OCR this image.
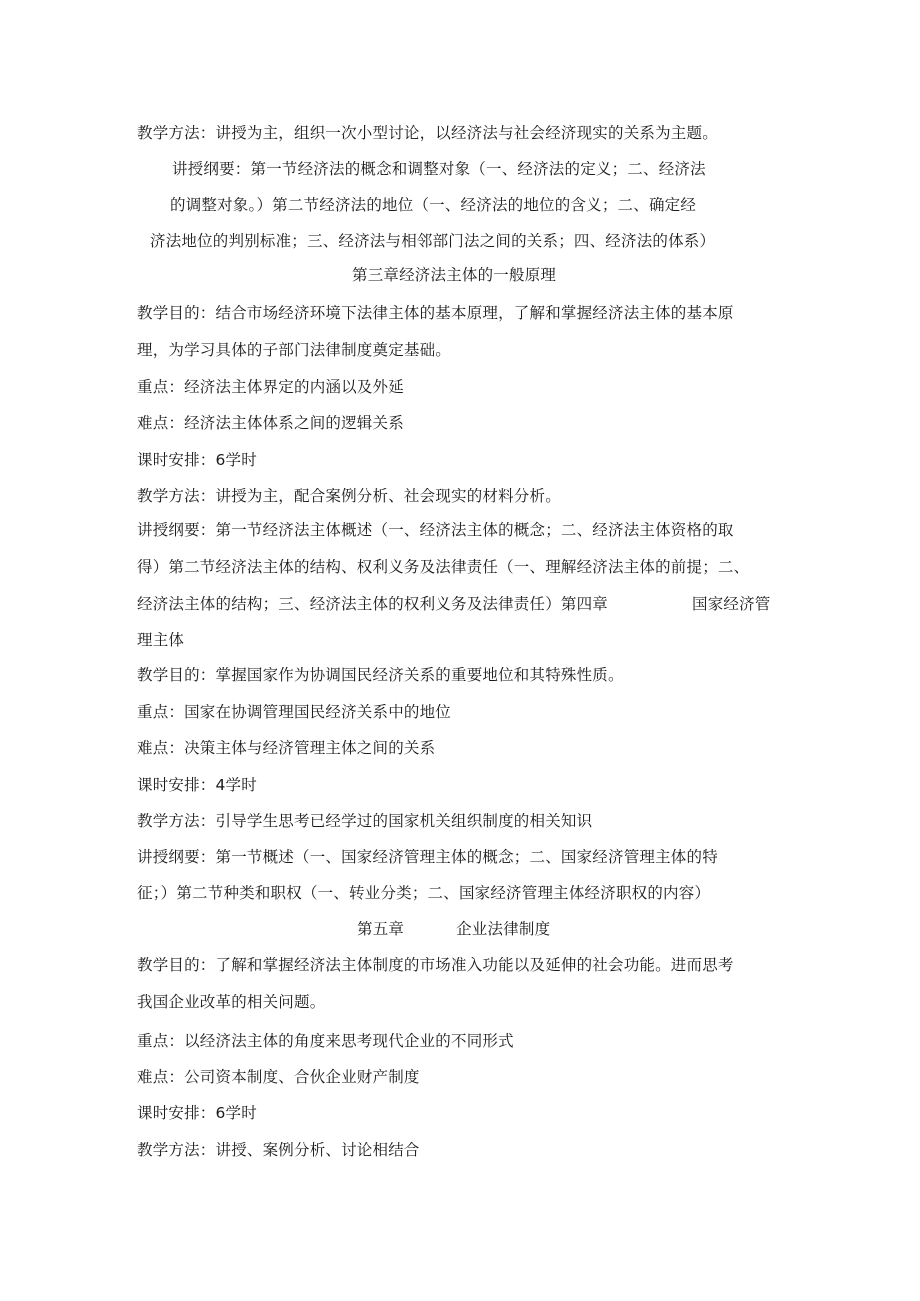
教学方法：讲授为主，组织一次小型讨论，以经济法与社会经济现实的关系为主题。
讲授纲要：第一节经济法的概念和调整对象（一、经济法的定义；二、经济法
的调整对象。）第二节经济法的地位（一、经济法的地位的含义；二、确定经
济法地位的判别标准；三、经济法与相邻部门法之间的关系；四、经济法的体系）
第三章经济法主体的一般原理
教学目的：结合市场经济环境下法律主体的基本原理，了解和掌握经济法主体的基本原
理，为学习具体的子部门法律制度奠定基础。
重点：经济法主体界定的内涵以及外延
难点：经济法主体体系之间的逻辑关系
课时安排：6学时
教学方法：讲授为主，配合案例分析、社会现实的材料分析。
讲授纲要：第一节经济法主体概述（一、经济法主体的概念；二、经济法主体资格的取
得）第二节经济法主体的结构、权利义务及法律责任（一、理解经济法主体的前提；二、
经济法主体的结构；三、经济法主体的权利义务及法律责任）第四章	国家经济管
理主体
教学目的：掌握国家作为协调国民经济关系的重要地位和其特殊性质。
重点：国家在协调管理国民经济关系中的地位
难点：决策主体与经济管理主体之间的关系
课时安排：4学时
教学方法：引导学生思考已经学过的国家机关组织制度的相关知识
讲授纲要：第一节概述（一、国家经济管理主体的概念；二、国家经济管理主体的特
征；）第二节种类和职权（一、转业分类；二、国家经济管理主体经济职权的内容）
第五章	企业法律制度
教学目的：了解和掌握经济法主体制度的市场准入功能以及延伸的社会功能。进而思考
我国企业改革的相关问题。
重点：以经济法主体的角度来思考现代企业的不同形式
难点：公司资本制度、合伙企业财产制度
课时安排：6学时
教学方法：讲授、案例分析、讨论相结合
